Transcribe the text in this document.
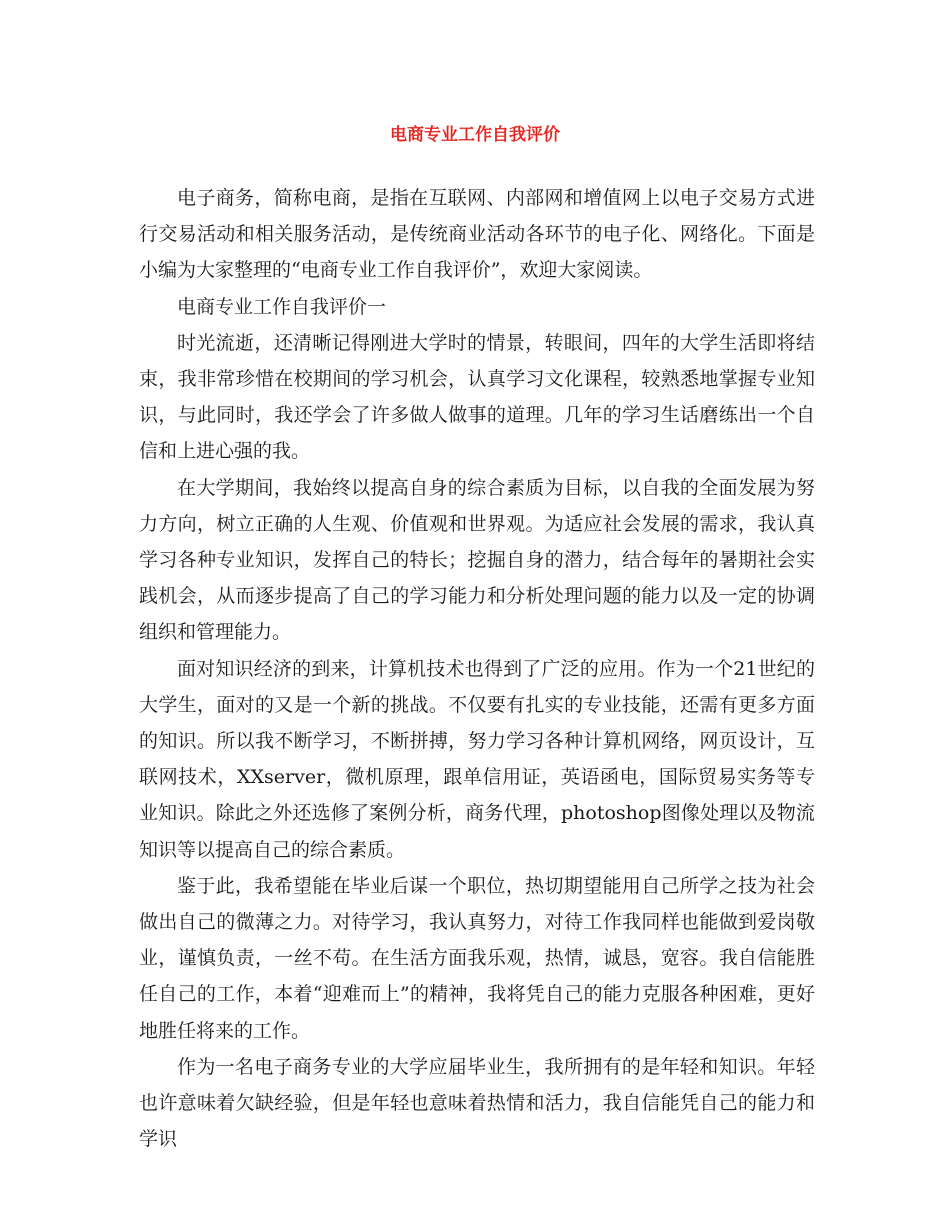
电商专业工作自我评价

电子商务，简称电商，是指在互联网、内部网和增值网上以电子交易方式进行交易活动和相关服务活动，是传统商业活动各环节的电子化、网络化。下面是小编为大家整理的“电商专业工作自我评价”，欢迎大家阅读。

电商专业工作自我评价一

时光流逝，还清晰记得刚进大学时的情景，转眼间，四年的大学生活即将结束，我非常珍惜在校期间的学习机会，认真学习文化课程，较熟悉地掌握专业知识，与此同时，我还学会了许多做人做事的道理。几年的学习生话磨练出一个自信和上进心强的我。

在大学期间，我始终以提高自身的综合素质为目标，以自我的全面发展为努力方向，树立正确的人生观、价值观和世界观。为适应社会发展的需求，我认真学习各种专业知识，发挥自己的特长；挖掘自身的潜力，结合每年的暑期社会实践机会，从而逐步提高了自己的学习能力和分析处理问题的能力以及一定的协调组织和管理能力。

面对知识经济的到来，计算机技术也得到了广泛的应用。作为一个21世纪的大学生，面对的又是一个新的挑战。不仅要有扎实的专业技能，还需有更多方面的知识。所以我不断学习，不断拼搏，努力学习各种计算机网络，网页设计，互联网技术，XXserver，微机原理，跟单信用证，英语函电，国际贸易实务等专业知识。除此之外还选修了案例分析，商务代理，photoshop图像处理以及物流知识等以提高自己的综合素质。

鉴于此，我希望能在毕业后谋一个职位，热切期望能用自己所学之技为社会做出自己的微薄之力。对待学习，我认真努力，对待工作我同样也能做到爱岗敬业，谨慎负责，一丝不苟。在生活方面我乐观，热情，诚恳，宽容。我自信能胜任自己的工作，本着“迎难而上”的精神，我将凭自己的能力克服各种困难，更好地胜任将来的工作。

作为一名电子商务专业的大学应届毕业生，我所拥有的是年轻和知识。年轻也许意味着欠缺经验，但是年轻也意味着热情和活力，我自信能凭自己的能力和学识
